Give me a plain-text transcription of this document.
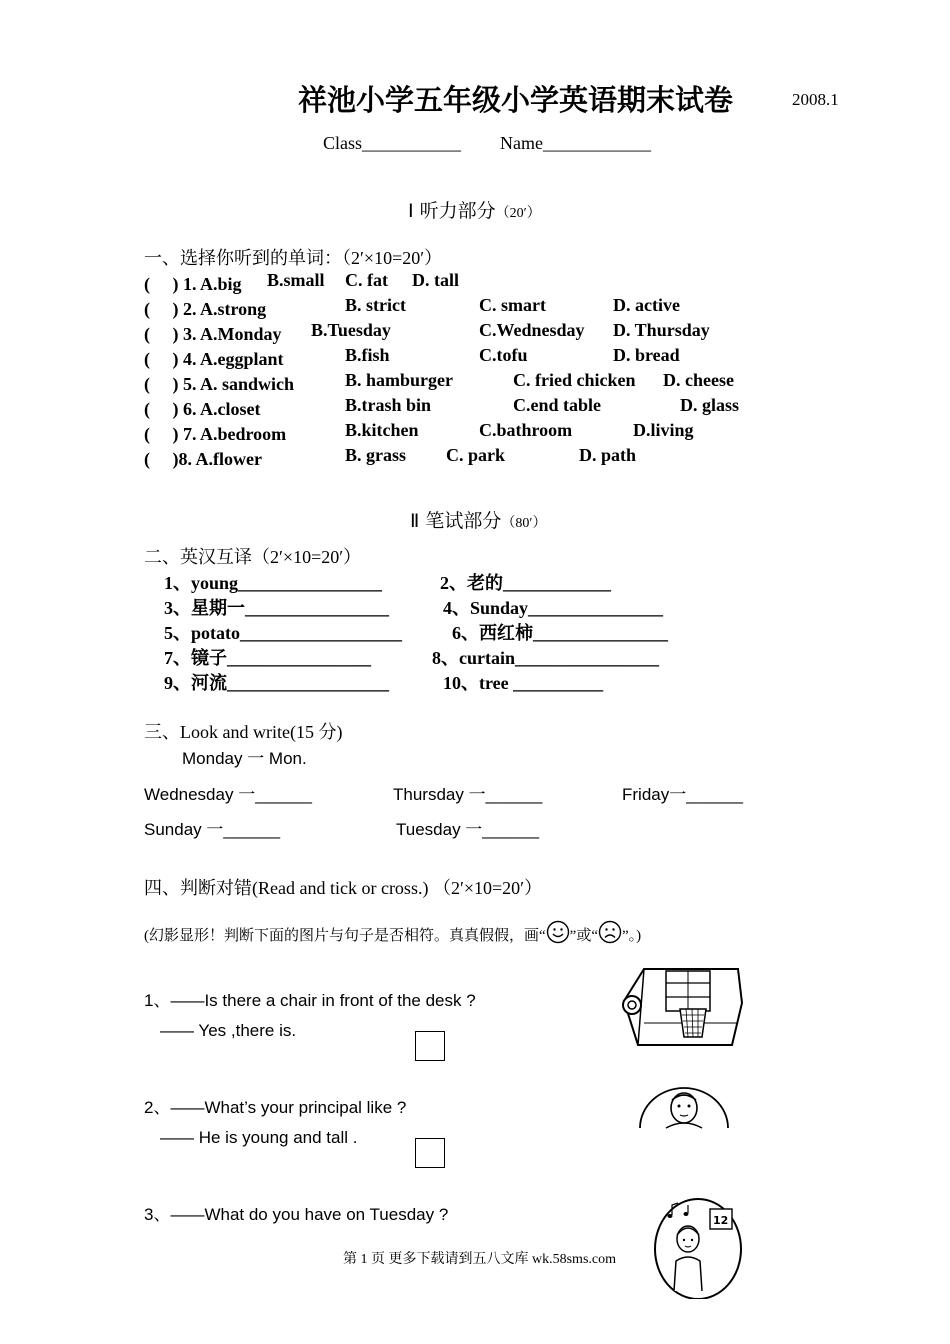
祥池小学五年级小学英语期末试卷	2008.1
Class___________ Name____________
I 听力部分（20′）
一、选择你听到的单词：（2′×10=20′）
(　 ) 1. A.big B.small C. fat D. tall
(　 ) 2. A.strong	B. strict	C. smart	D. active
(　 ) 3. A.Monday B.Tuesday	C.Wednesday D. Thursday
(　 ) 4. A.eggplant	B.fish	C.tofu	D. bread
(　 ) 5. A. sandwich	B. hamburger	C. fried chicken D. cheese
(　 ) 6. A.closet	B.trash bin	C.end table	D. glass
(　 ) 7. A.bedroom	B.kitchen	C.bathroom	D.living
(　 )8. A.flower	B. grass C. park	D. path
Ⅱ 笔试部分（80′）
二、英汉互译（2′×10=20′）
1、young________________	2、老的____________
3、星期一________________	4、Sunday_______________
5、potato__________________	6、西红柿_______________
7、镜子________________	8、curtain________________
9、河流__________________	10、tree __________
三、Look and write(15 分)
Monday 一 Mon.
Wednesday 一______	Thursday 一______	Friday一______
Sunday 一______	Tuesday 一______
四、判断对错(Read and tick or cross.) （2′×10=20′）
(幻影显形！判断下面的图片与句子是否相符。真真假假，画“ ”或“ ”。)
1、——Is there a chair in front of the desk ?
—— Yes ,there is.
2、——What’s your principal like ?
—— He is young and tall .
3、——What do you have on Tuesday ?	12
第 1 页 更多下载请到五八文库 wk.58sms.com
